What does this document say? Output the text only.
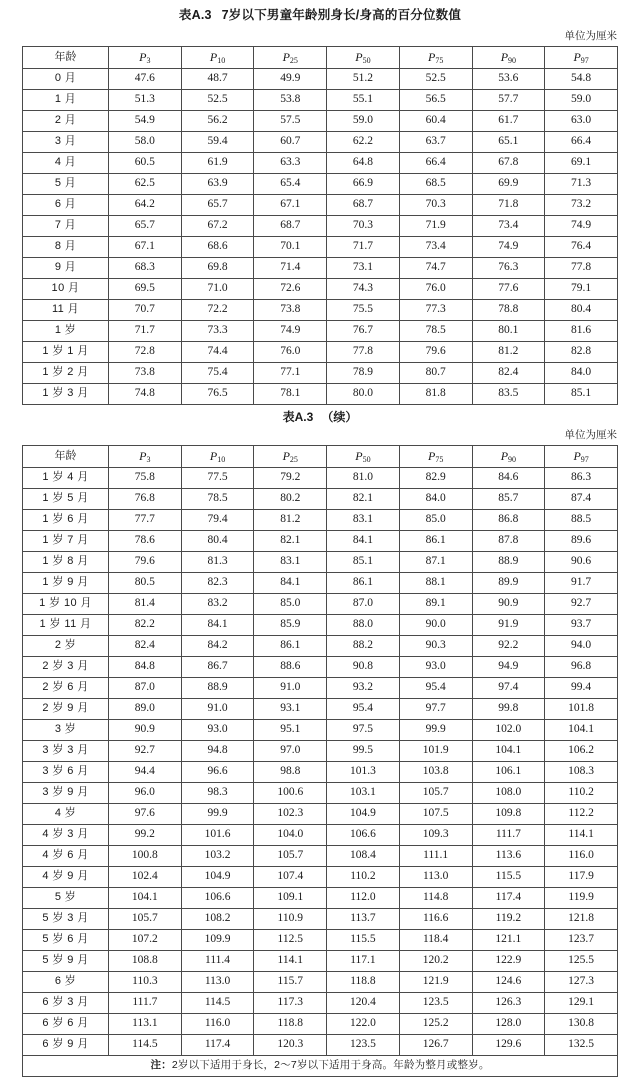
表A.3 7岁以下男童年龄别身长/身高的百分位数值
单位为厘米
年龄	$P_3$	$P_{10}$	$P_{25}$	$P_{50}$	$P_{75}$	$P_{90}$	$P_{97}$
0 月	47.6	48.7	49.9	51.2	52.5	53.6	54.8
1 月	51.3	52.5	53.8	55.1	56.5	57.7	59.0
2 月	54.9	56.2	57.5	59.0	60.4	61.7	63.0
3 月	58.0	59.4	60.7	62.2	63.7	65.1	66.4
4 月	60.5	61.9	63.3	64.8	66.4	67.8	69.1
5 月	62.5	63.9	65.4	66.9	68.5	69.9	71.3
6 月	64.2	65.7	67.1	68.7	70.3	71.8	73.2
7 月	65.7	67.2	68.7	70.3	71.9	73.4	74.9
8 月	67.1	68.6	70.1	71.7	73.4	74.9	76.4
9 月	68.3	69.8	71.4	73.1	74.7	76.3	77.8
10 月	69.5	71.0	72.6	74.3	76.0	77.6	79.1
11 月	70.7	72.2	73.8	75.5	77.3	78.8	80.4
1 岁	71.7	73.3	74.9	76.7	78.5	80.1	81.6
1 岁 1 月	72.8	74.4	76.0	77.8	79.6	81.2	82.8
1 岁 2 月	73.8	75.4	77.1	78.9	80.7	82.4	84.0
1 岁 3 月	74.8	76.5	78.1	80.0	81.8	83.5	85.1
表A.3 （续）
单位为厘米
年龄	$P_3$	$P_{10}$	$P_{25}$	$P_{50}$	$P_{75}$	$P_{90}$	$P_{97}$
1 岁 4 月	75.8	77.5	79.2	81.0	82.9	84.6	86.3
1 岁 5 月	76.8	78.5	80.2	82.1	84.0	85.7	87.4
1 岁 6 月	77.7	79.4	81.2	83.1	85.0	86.8	88.5
1 岁 7 月	78.6	80.4	82.1	84.1	86.1	87.8	89.6
1 岁 8 月	79.6	81.3	83.1	85.1	87.1	88.9	90.6
1 岁 9 月	80.5	82.3	84.1	86.1	88.1	89.9	91.7
1 岁 10 月	81.4	83.2	85.0	87.0	89.1	90.9	92.7
1 岁 11 月	82.2	84.1	85.9	88.0	90.0	91.9	93.7
2 岁	82.4	84.2	86.1	88.2	90.3	92.2	94.0
2 岁 3 月	84.8	86.7	88.6	90.8	93.0	94.9	96.8
2 岁 6 月	87.0	88.9	91.0	93.2	95.4	97.4	99.4
2 岁 9 月	89.0	91.0	93.1	95.4	97.7	99.8	101.8
3 岁	90.9	93.0	95.1	97.5	99.9	102.0	104.1
3 岁 3 月	92.7	94.8	97.0	99.5	101.9	104.1	106.2
3 岁 6 月	94.4	96.6	98.8	101.3	103.8	106.1	108.3
3 岁 9 月	96.0	98.3	100.6	103.1	105.7	108.0	110.2
4 岁	97.6	99.9	102.3	104.9	107.5	109.8	112.2
4 岁 3 月	99.2	101.6	104.0	106.6	109.3	111.7	114.1
4 岁 6 月	100.8	103.2	105.7	108.4	111.1	113.6	116.0
4 岁 9 月	102.4	104.9	107.4	110.2	113.0	115.5	117.9
5 岁	104.1	106.6	109.1	112.0	114.8	117.4	119.9
5 岁 3 月	105.7	108.2	110.9	113.7	116.6	119.2	121.8
5 岁 6 月	107.2	109.9	112.5	115.5	118.4	121.1	123.7
5 岁 9 月	108.8	111.4	114.1	117.1	120.2	122.9	125.5
6 岁	110.3	113.0	115.7	118.8	121.9	124.6	127.3
6 岁 3 月	111.7	114.5	117.3	120.4	123.5	126.3	129.1
6 岁 6 月	113.1	116.0	118.8	122.0	125.2	128.0	130.8
6 岁 9 月	114.5	117.4	120.3	123.5	126.7	129.6	132.5
注：2岁以下适用于身长，2～7岁以下适用于身高。年龄为整月或整岁。							
